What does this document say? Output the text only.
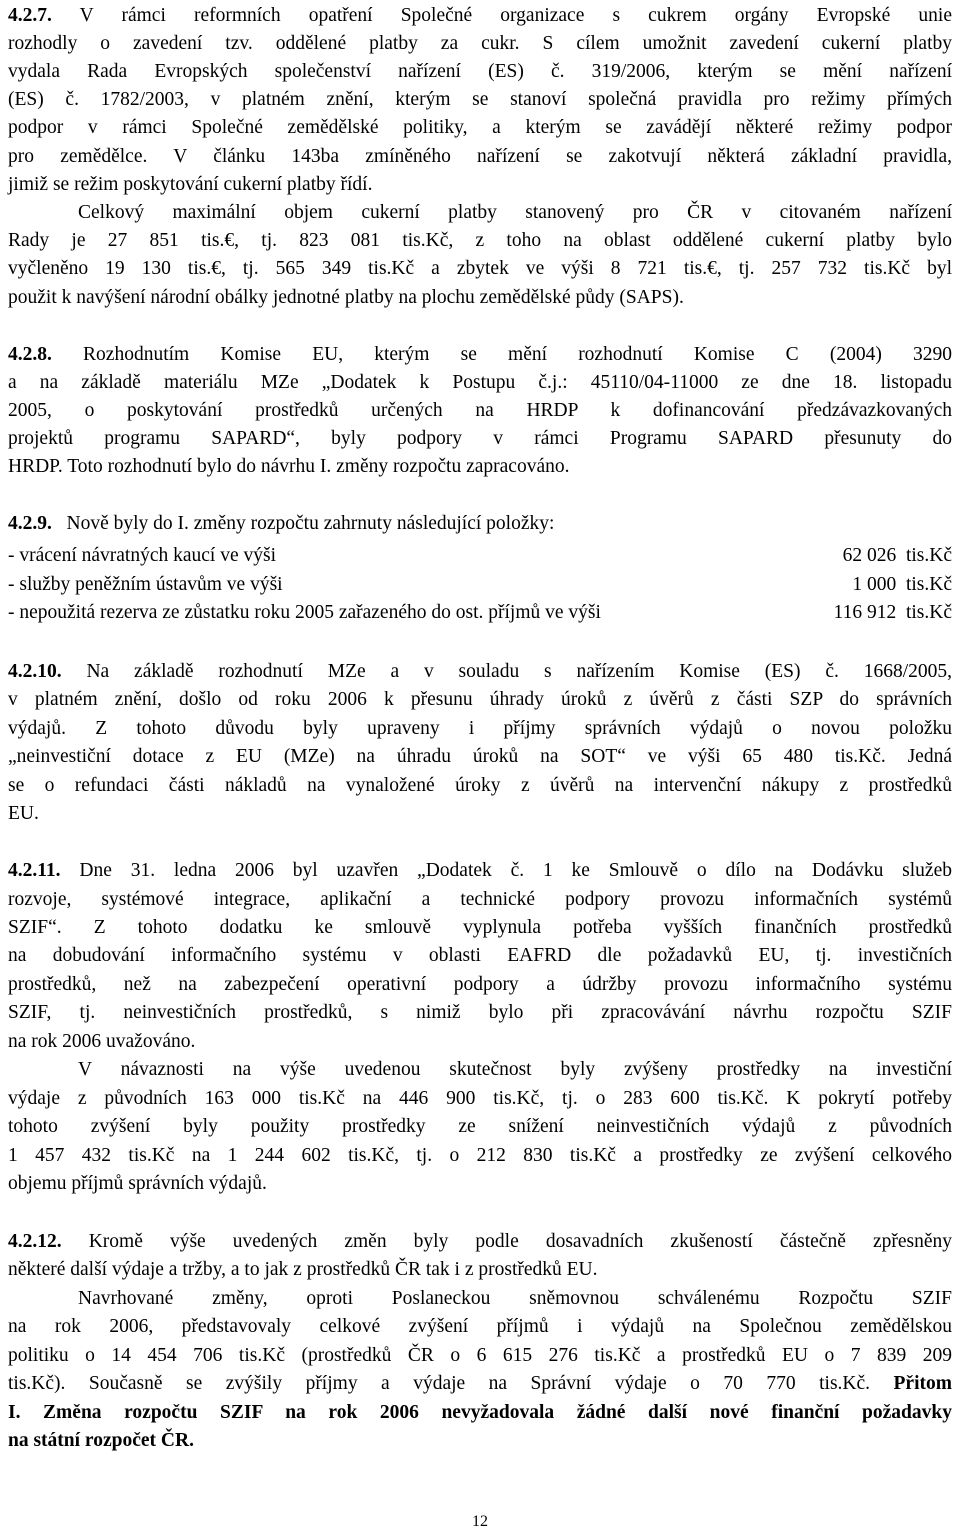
4.2.7. V rámci reformních opatření Společné organizace s cukrem orgány Evropské unie
rozhodly o zavedení tzv. oddělené platby za cukr. S cílem umožnit zavedení cukerní platby
vydala Rada Evropských společenství nařízení (ES) č. 319/2006, kterým se mění nařízení
(ES) č. 1782/2003, v platném znění, kterým se stanoví společná pravidla pro režimy přímých
podpor v rámci Společné zemědělské politiky, a kterým se zavádějí některé režimy podpor
pro zemědělce. V článku 143ba zmíněného nařízení se zakotvují některá základní pravidla,
jimiž se režim poskytování cukerní platby řídí.
Celkový maximální objem cukerní platby stanovený pro ČR v citovaném nařízení
Rady je 27 851 tis.€, tj. 823 081 tis.Kč, z toho na oblast oddělené cukerní platby bylo
vyčleněno 19 130 tis.€, tj. 565 349 tis.Kč a zbytek ve výši 8 721 tis.€, tj. 257 732 tis.Kč byl
použit k navýšení národní obálky jednotné platby na plochu zemědělské půdy (SAPS).
4.2.8. Rozhodnutím Komise EU, kterým se mění rozhodnutí Komise C (2004) 3290
a na základě materiálu MZe „Dodatek k Postupu č.j.: 45110/04-11000 ze dne 18. listopadu
2005, o poskytování prostředků určených na HRDP k dofinancování předzávazkovaných
projektů programu SAPARD“, byly podpory v rámci Programu SAPARD přesunuty do
HRDP. Toto rozhodnutí bylo do návrhu I. změny rozpočtu zapracováno.
4.2.9.   Nově byly do I. změny rozpočtu zahrnuty následující položky:
- vrácení návratných kaucí ve výši	62 026  tis.Kč
- služby peněžním ústavům ve výši	1 000  tis.Kč
- nepoužitá rezerva ze zůstatku roku 2005 zařazeného do ost. příjmů ve výši	116 912  tis.Kč
4.2.10. Na základě rozhodnutí MZe a v souladu s nařízením Komise (ES) č. 1668/2005,
v platném znění, došlo od roku 2006 k přesunu úhrady úroků z úvěrů z části SZP do správních
výdajů. Z tohoto důvodu byly upraveny i příjmy správních výdajů o novou položku
„neinvestiční dotace z EU (MZe) na úhradu úroků na SOT“ ve výši 65 480 tis.Kč. Jedná
se o refundaci části nákladů na vynaložené úroky z úvěrů na intervenční nákupy z prostředků
EU.
4.2.11. Dne 31. ledna 2006 byl uzavřen „Dodatek č. 1 ke Smlouvě o dílo na Dodávku služeb
rozvoje, systémové integrace, aplikační a technické podpory provozu informačních systémů
SZIF“. Z tohoto dodatku ke smlouvě vyplynula potřeba vyšších finančních prostředků
na dobudování informačního systému v oblasti EAFRD dle požadavků EU, tj. investičních
prostředků, než na zabezpečení operativní podpory a údržby provozu informačního systému
SZIF, tj. neinvestičních prostředků, s nimiž bylo při zpracovávání návrhu rozpočtu SZIF
na rok 2006 uvažováno.
V návaznosti na výše uvedenou skutečnost byly zvýšeny prostředky na investiční
výdaje z původních 163 000 tis.Kč na 446 900 tis.Kč, tj. o 283 600 tis.Kč. K pokrytí potřeby
tohoto zvýšení byly použity prostředky ze snížení neinvestičních výdajů z původních
1 457 432 tis.Kč na 1 244 602 tis.Kč, tj. o 212 830 tis.Kč a prostředky ze zvýšení celkového
objemu příjmů správních výdajů.
4.2.12. Kromě výše uvedených změn byly podle dosavadních zkušeností částečně zpřesněny
některé další výdaje a tržby, a to jak z prostředků ČR tak i z prostředků EU.
Navrhované změny, oproti Poslaneckou sněmovnou schválenému Rozpočtu SZIF
na rok 2006, představovaly celkové zvýšení příjmů i výdajů na Společnou zemědělskou
politiku o 14 454 706 tis.Kč (prostředků ČR o 6 615 276 tis.Kč a prostředků EU o 7 839 209
tis.Kč). Současně se zvýšily příjmy a výdaje na Správní výdaje o 70 770 tis.Kč. Přitom
I. Změna rozpočtu SZIF na rok 2006 nevyžadovala žádné další nové finanční požadavky
na státní rozpočet ČR.
12
